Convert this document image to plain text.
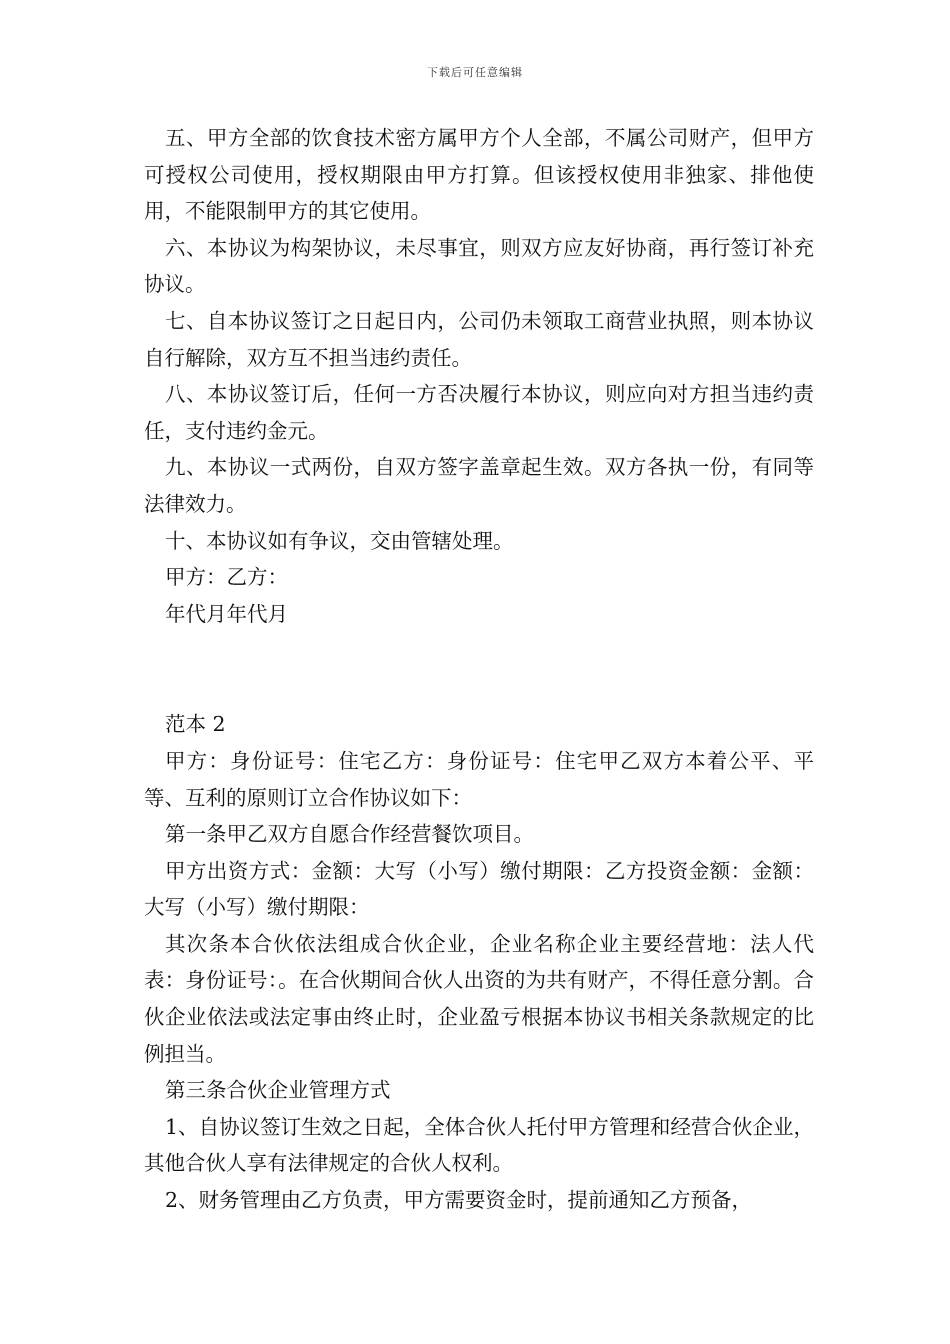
下载后可任意编辑

五、甲方全部的饮食技术密方属甲方个人全部，不属公司财产，但甲方可授权公司使用，授权期限由甲方打算。但该授权使用非独家、排他使用，不能限制甲方的其它使用。

六、本协议为构架协议，未尽事宜，则双方应友好协商，再行签订补充协议。

七、自本协议签订之日起日内，公司仍未领取工商营业执照，则本协议自行解除，双方互不担当违约责任。

八、本协议签订后，任何一方否决履行本协议，则应向对方担当违约责任，支付违约金元。

九、本协议一式两份，自双方签字盖章起生效。双方各执一份，有同等法律效力。

十、本协议如有争议，交由管辖处理。

甲方：乙方：

年代月年代月

范本 2

甲方：身份证号：住宅乙方：身份证号：住宅甲乙双方本着公平、平等、互利的原则订立合作协议如下：

第一条甲乙双方自愿合作经营餐饮项目。

甲方出资方式：金额：大写（小写）缴付期限：乙方投资金额：金额：大写（小写）缴付期限：

其次条本合伙依法组成合伙企业，企业名称企业主要经营地：法人代表：身份证号：。在合伙期间合伙人出资的为共有财产，不得任意分割。合伙企业依法或法定事由终止时，企业盈亏根据本协议书相关条款规定的比例担当。

第三条合伙企业管理方式

1、自协议签订生效之日起，全体合伙人托付甲方管理和经营合伙企业，其他合伙人享有法律规定的合伙人权利。

2、财务管理由乙方负责，甲方需要资金时，提前通知乙方预备，
